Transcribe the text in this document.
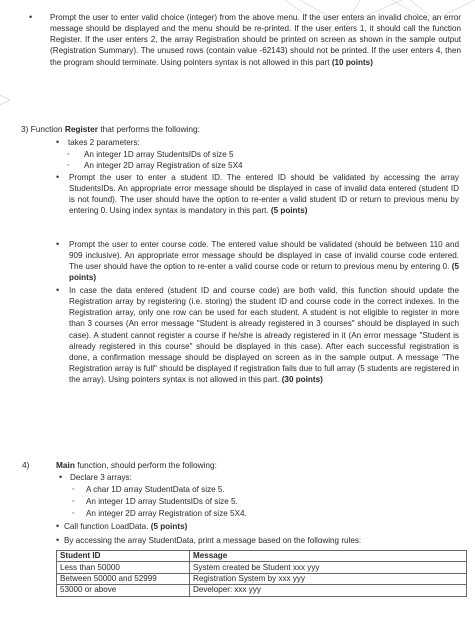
• Prompt the user to enter valid choice (integer) from the above menu. If the user enters an invalid choice, an error message should be displayed and the menu should be re-printed. If the user enters 1, it should call the function Register. If the user enters 2, the array Registration should be printed on screen as shown in the sample output (Registration Summary). The unused rows (contain value -62143) should not be printed. If the user enters 4, then the program should terminate. Using pointers syntax is not allowed in this part (10 points)

3) Function Register that performs the following:
• takes 2 parameters:
◦ An integer 1D array StudentsIDs of size 5
◦ An integer 2D array Registration of size 5X4
• Prompt the user to enter a student ID. The entered ID should be validated by accessing the array StudentsIDs. An appropriate error message should be displayed in case of invalid data entered (student ID is not found). The user should have the option to re-enter a valid student ID or return to previous menu by entering 0. Using index syntax is mandatory in this part. (5 points)

• Prompt the user to enter course code. The entered value should be validated (should be between 110 and 909 inclusive). An appropriate error message should be displayed in case of invalid course code entered. The user should have the option to re-enter a valid course code or return to previous menu by entering 0. (5 points)

• In case the data entered (student ID and course code) are both valid, this function should update the Registration array by registering (i.e. storing) the student ID and course code in the correct indexes. In the Registration array, only one row can be used for each student. A student is not eligible to register in more than 3 courses (An error message "Student is already registered in 3 courses" should be displayed in such case). A student cannot register a course if he/she is already registered in it (An error message "Student is already registered in this course" should be displayed in this case). After each successful registration is done, a confirmation message should be displayed on screen as in the sample output. A message "The Registration array is full" should be displayed if registration fails due to full array (5 students are registered in the array). Using pointers syntax is not allowed in this part. (30 points)

4)	Main function, should perform the following:
• Declare 3 arrays:
◦ A char 1D array StudentData of size 5.
◦ An integer 1D array StudentsIDs of size 5.
◦ An integer 2D array Registration of size 5X4.
• Call function LoadData. (5 points)
• By accessing the array StudentData, print a message based on the following rules:
Student ID	Message
Less than 50000	System created be Student xxx yyy
Between 50000 and 52999	Registration System by xxx yyy
53000 or above	Developer: xxx yyy
